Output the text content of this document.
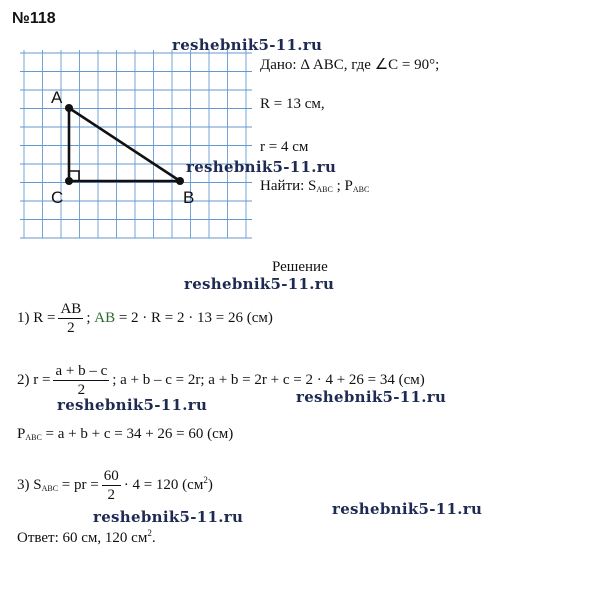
№118
A
C	B
reshebnik5-11.ru
reshebnik5-11.ru
reshebnik5-11.ru
reshebnik5-11.ru	reshebnik5-11.ru
reshebnik5-11.ru	reshebnik5-11.ru
Дано: Δ ABC, где ∠C = 90°;
R = 13 см,
r = 4 см
Найти: $S_{ABC}$ ; $P_{ABC}$
Решение
1) $R = \frac{AB}{2}$ ; AB = 2 · R = 2 · 13 = 26 (см)
2) $r = \frac{a + b - c}{2}$ ; a + b – c = 2r; a + b = 2r + c = 2 · 4 + 26 = 34 (см)
$P_{ABC} = a + b + c = 34 + 26 = 60$ (см)
3) $S_{ABC}$ = pr = $\frac{60}{2} \cdot 4 = 120$ $(см^2)$
Ответ: 60 см, 120 $см^2$.
